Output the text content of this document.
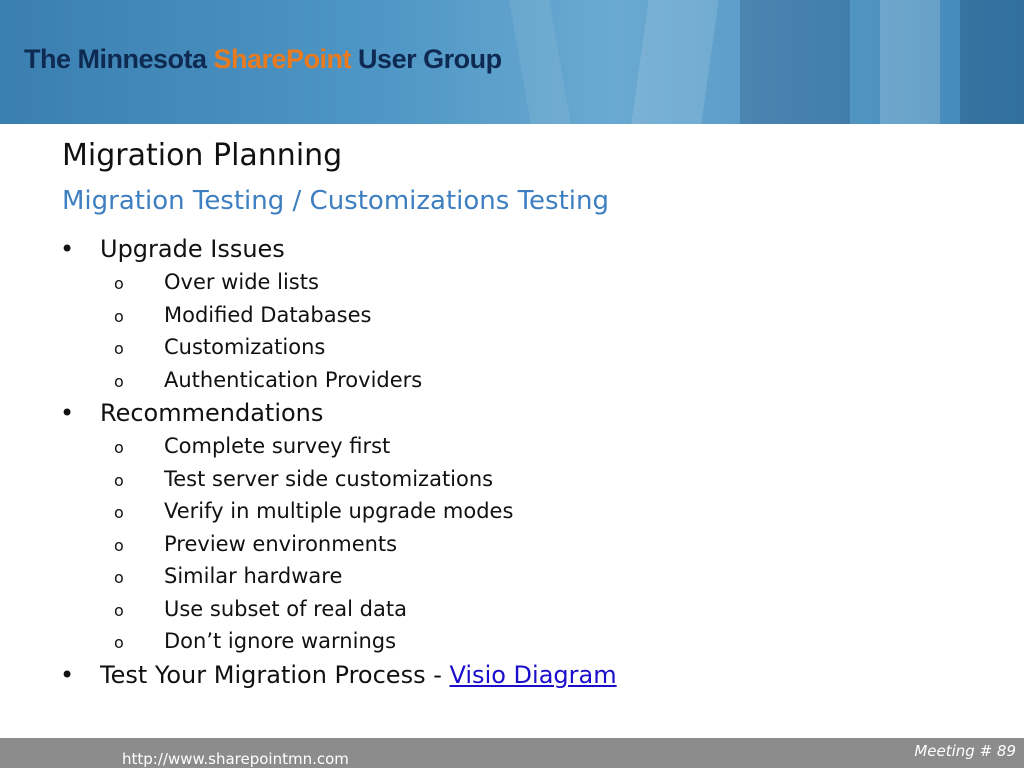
The Minnesota SharePoint User Group
Migration Planning
Migration Testing / Customizations Testing
• Upgrade Issues
o Over wide lists
o Modified Databases
o Customizations
o Authentication Providers
• Recommendations
o Complete survey first
o Test server side customizations
o Verify in multiple upgrade modes
o Preview environments
o Similar hardware
o Use subset of real data
o Don’t ignore warnings
• Test Your Migration Process - Visio Diagram
http://www.sharepointmn.com	Meeting # 89
